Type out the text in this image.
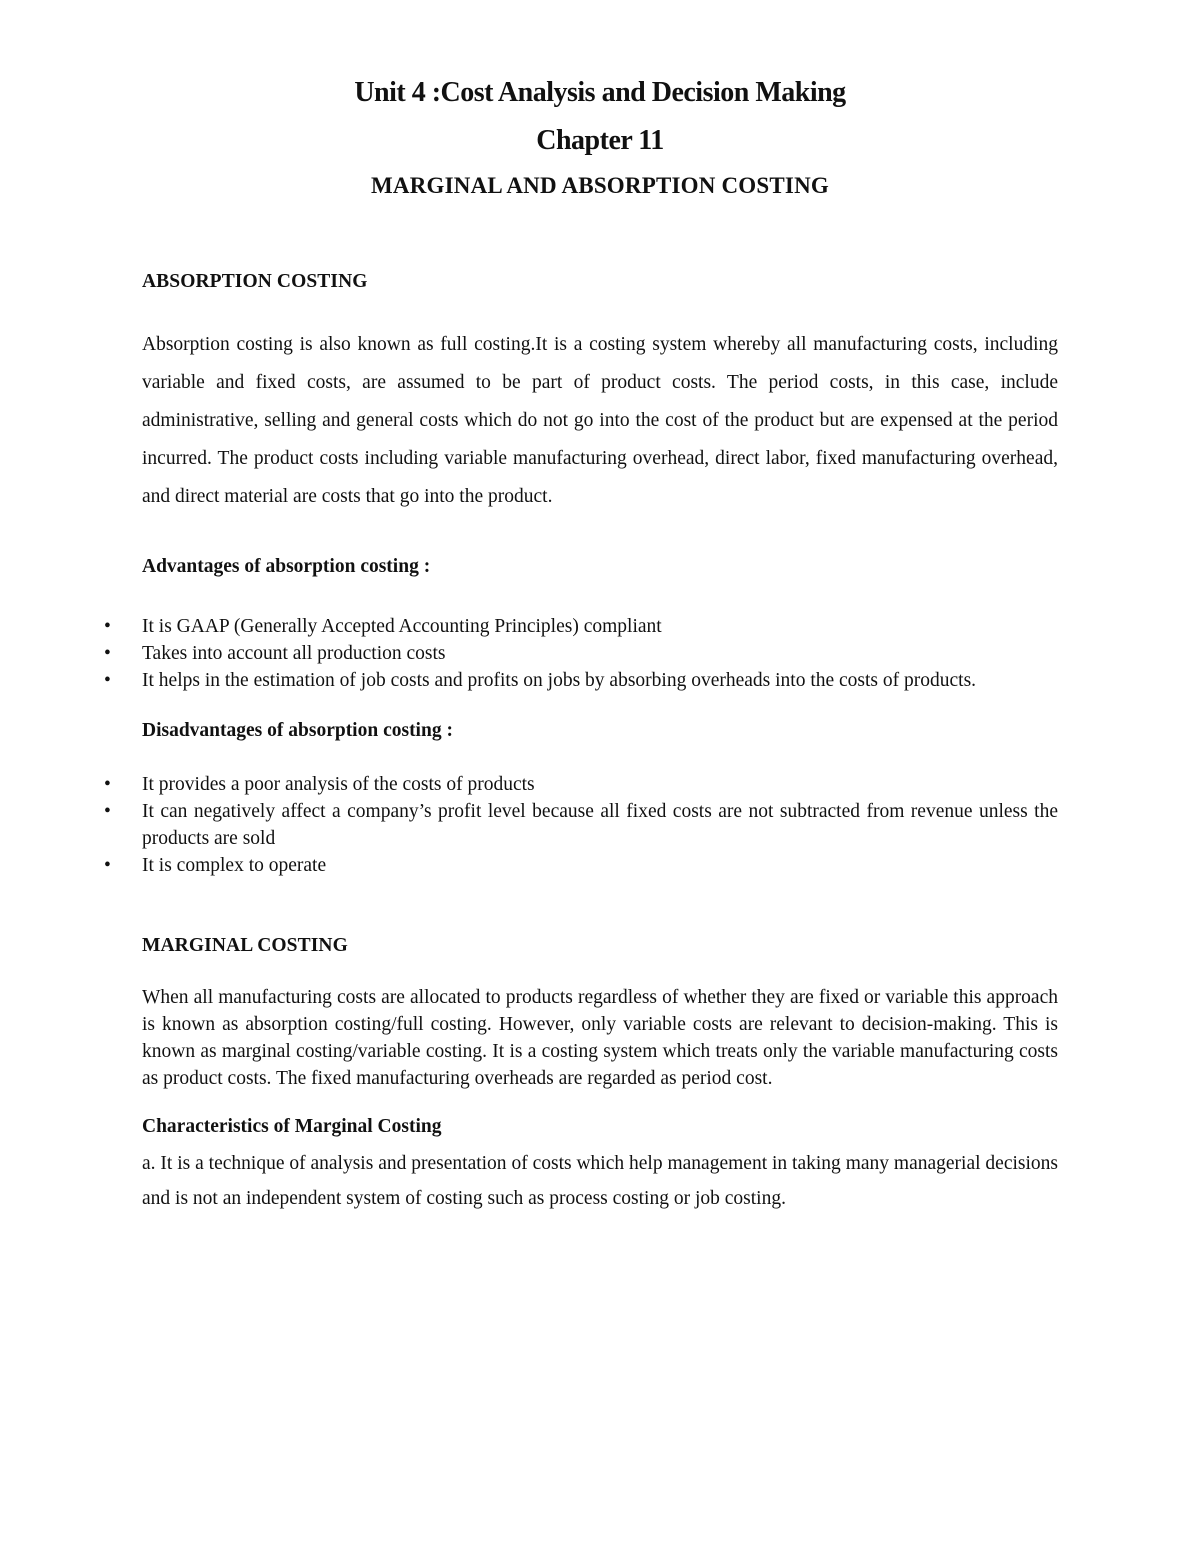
Unit 4 :Cost Analysis and Decision Making
Chapter 11
MARGINAL AND ABSORPTION COSTING

ABSORPTION COSTING

Absorption costing is also known as full costing.It is a costing system whereby all manufacturing costs, including variable and fixed costs, are assumed to be part of product costs. The period costs, in this case, include administrative, selling and general costs which do not go into the cost of the product but are expensed at the period incurred. The product costs including variable manufacturing overhead, direct labor, fixed manufacturing overhead, and direct material are costs that go into the product.

Advantages of absorption costing :

• It is GAAP (Generally Accepted Accounting Principles) compliant
• Takes into account all production costs
• It helps in the estimation of job costs and profits on jobs by absorbing overheads into the costs of products.

Disadvantages of absorption costing :

• It provides a poor analysis of the costs of products
• It can negatively affect a company’s profit level because all fixed costs are not subtracted from revenue unless the products are sold
• It is complex to operate

MARGINAL COSTING

When all manufacturing costs are allocated to products regardless of whether they are fixed or variable this approach is known as absorption costing/full costing. However, only variable costs are relevant to decision-making. This is known as marginal costing/variable costing. It is a costing system which treats only the variable manufacturing costs as product costs. The fixed manufacturing overheads are regarded as period cost.

Characteristics of Marginal Costing

a. It is a technique of analysis and presentation of costs which help management in taking many managerial decisions and is not an independent system of costing such as process costing or job costing.
